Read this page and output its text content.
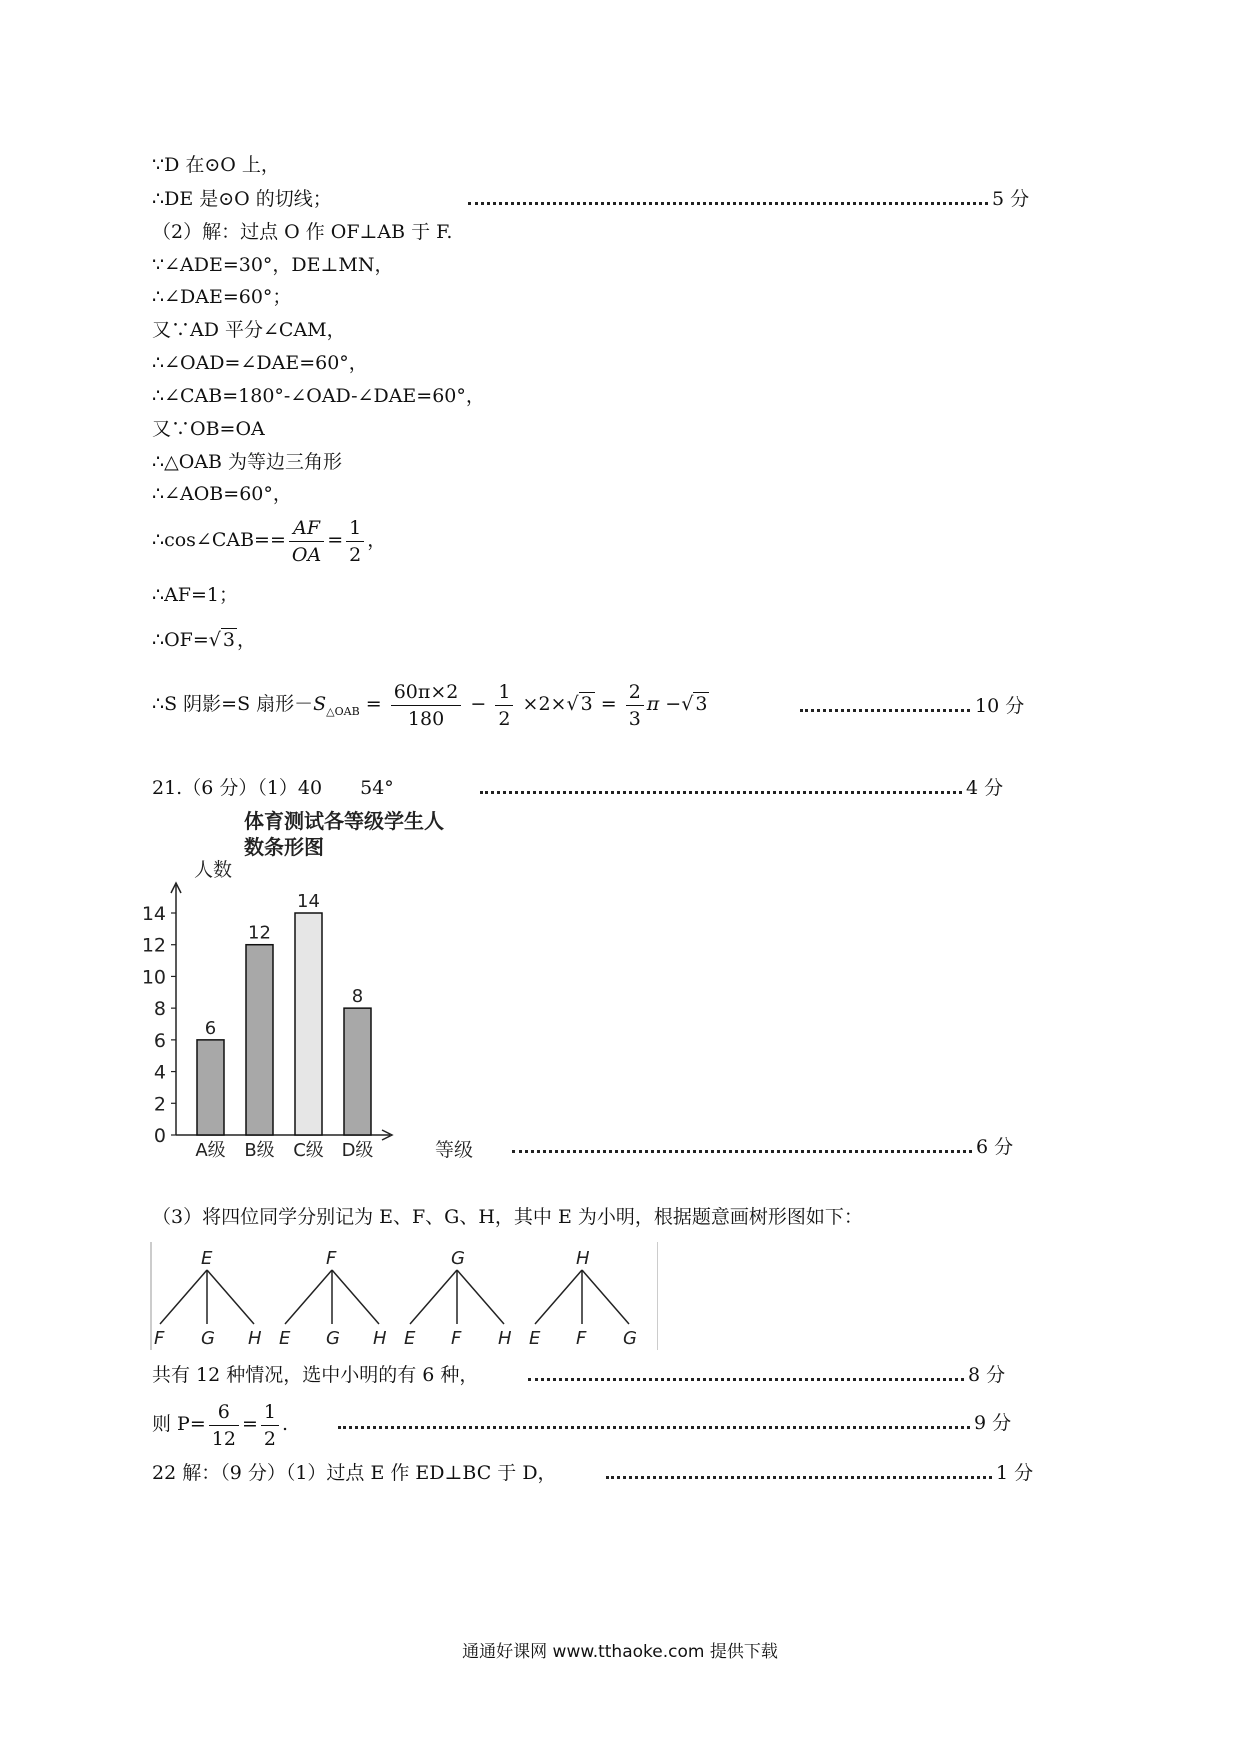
∵D 在⊙O 上，
∴DE 是⊙O 的切线；	5 分
（2）解：过点 O 作 OF⊥AB 于 F.
∵∠ADE=30°，DE⊥MN，
∴∠DAE=60°；
又∵AD 平分∠CAM，
∴∠OAD=∠DAE=60°，
∴∠CAB=180°-∠OAD-∠DAE=60°，
又∵OB=OA
∴△OAB 为等边三角形
∴∠AOB=60°，
∴cos∠CAB== $\frac{AF}{OA} = \frac{1}{2}$ ，
∴AF=1；
∴OF=√ 3 ，
∴S 阴影=S 扇形$-S_{\triangle OAB} = \frac{60\pi\times 2}{180} - \frac{1}{2} \times 2\times√$ $3 = \frac{2}{3}$ π −√ 3	10 分
21.（6 分）（1）40　　54°	4 分
体育测试各等级学生人
数条形图
人数
0
2
4
6
8
10
12
14
6
A级
12
B级
14
C级
8
D级	等级	6 分
（3）将四位同学分别记为 E、F、G、H，其中 E 为小明，根据题意画树形图如下：
E
F G H
F
E G H
G
E F H
H
E F G
共有 12 种情况，选中小明的有 6 种，	8 分
则 $P= \frac{6}{12} = \frac{1}{2}$ .	9 分
22 解：（9 分）（1）过点 E 作 ED⊥BC 于 D，	1 分
通通好课网 www.tthaoke.com 提供下载
